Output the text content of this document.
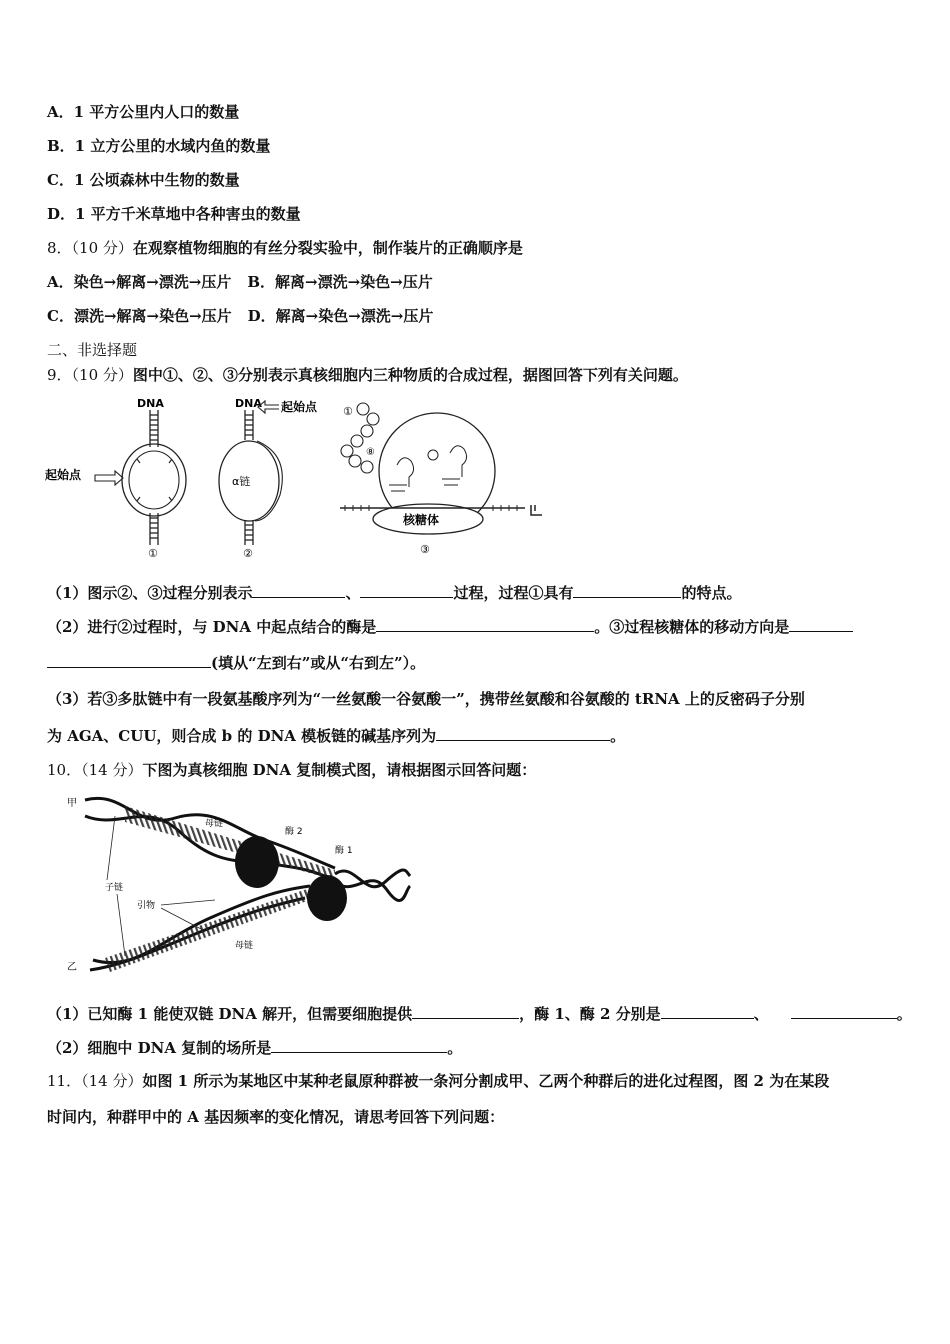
A．1 平方公里内人口的数量
B．1 立方公里的水域内鱼的数量
C．1 公顷森林中生物的数量
D．1 平方千米草地中各种害虫的数量
8．（10 分）在观察植物细胞的有丝分裂实验中，制作装片的正确顺序是
A．染色→解离→漂洗→压片 B．解离→漂洗→染色→压片
C．漂洗→解离→染色→压片 D．解离→染色→漂洗→压片
二、非选择题
9．（10 分）图中①、②、③分别表示真核细胞内三种物质的合成过程，据图回答下列有关问题。
DNA
起始点
①
DNA
α链
起始点
②
①
核糖体
⑧
b
③
（1）图示②、③过程分别表示	、	过程，过程①具有	的特点。
（2）进行②过程时，与 DNA 中起点结合的酶是	。③过程核糖体的移动方向是
(填从“左到右”或从“右到左”）。
（3）若③多肽链中有一段氨基酸序列为“一丝氨酸一谷氨酸一”，携带丝氨酸和谷氨酸的 tRNA 上的反密码子分别
为 AGA、CUU，则合成 b 的 DNA 模板链的碱基序列为	。
10．（14 分）下图为真核细胞 DNA 复制模式图，请根据图示回答问题：
甲
乙
母链
酶 2
酶 1
子链
引物
母链
（1）已知酶 1 能使双链 DNA 解开，但需要细胞提供	，酶 1、酶 2 分别是	、	。
（2）细胞中 DNA 复制的场所是	。
11．（14 分）如图 1 所示为某地区中某种老鼠原种群被一条河分割成甲、乙两个种群后的进化过程图，图 2 为在某段
时间内，种群甲中的 A 基因频率的变化情况，请思考回答下列问题：
